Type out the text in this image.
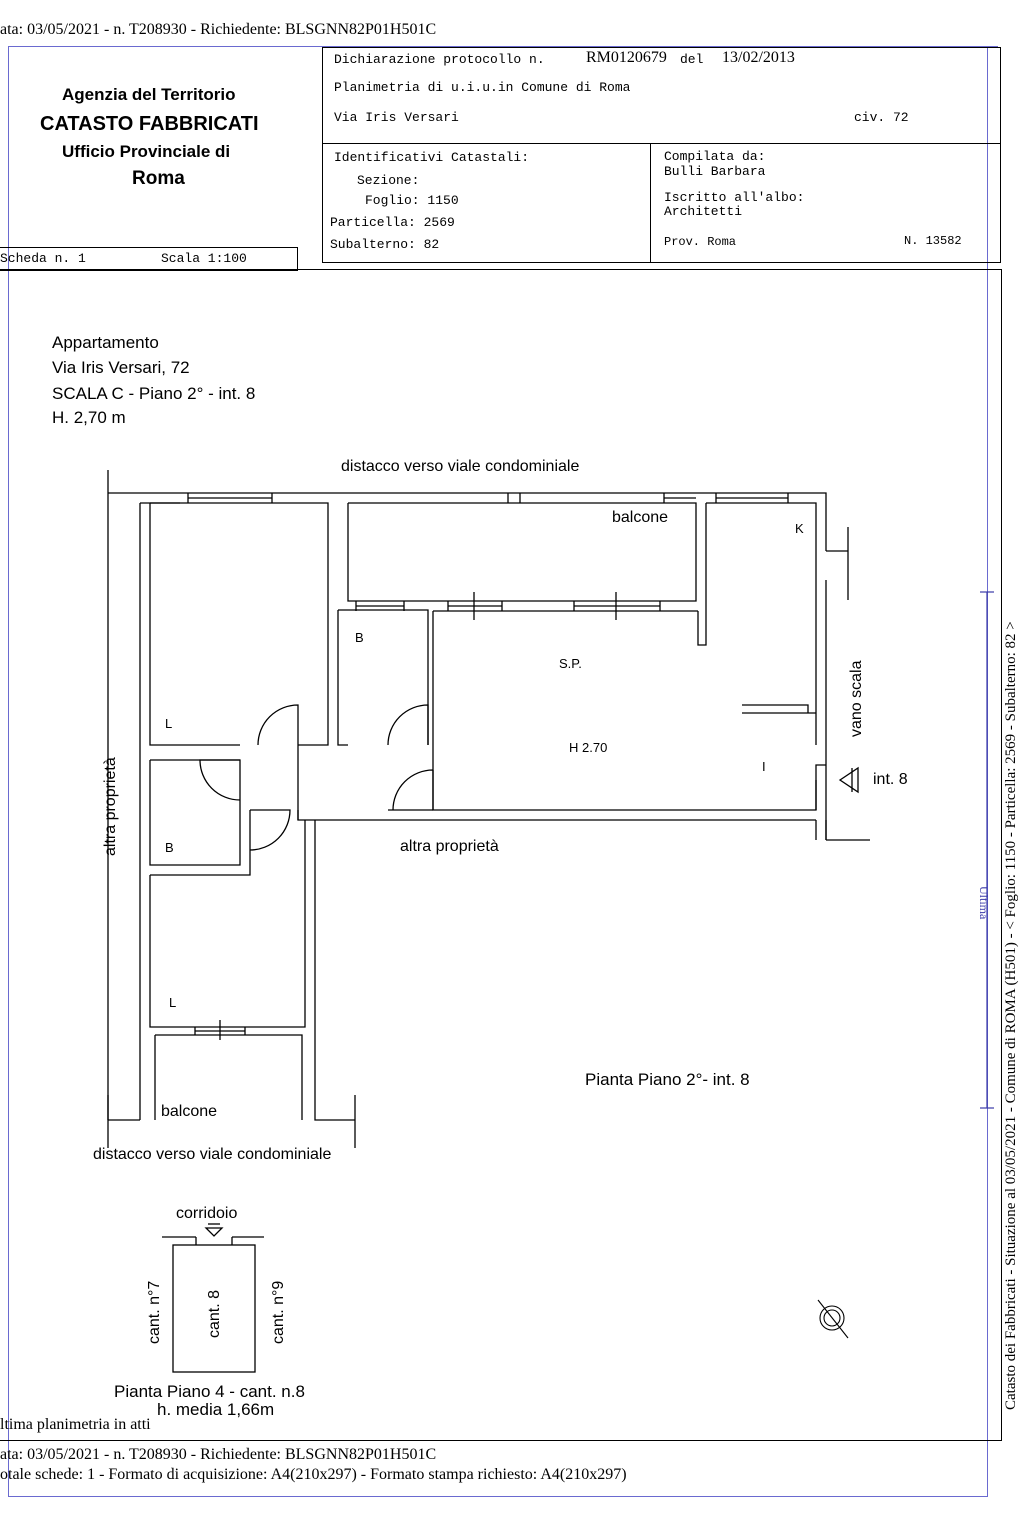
ata: 03/05/2021 - n. T208930 - Richiedente: BLSGNN82P01H501C
Agenzia del Territorio
CATASTO FABBRICATI
Ufficio Provinciale di
Roma
Dichiarazione protocollo n.	RM0120679 del 13/02/2013
Planimetria di u.i.u.in Comune di Roma
Via Iris Versari	civ. 72
Identificativi Catastali:
Sezione:
Foglio: 1150
Particella: 2569
Subalterno: 82
Compilata da:
Bulli Barbara
Iscritto all'albo:
Architetti
Prov. Roma	N. 13582
Scheda n. 1	Scala 1:100
Appartamento
Via Iris Versari, 72
SCALA C - Piano 2° - int. 8
H. 2,70 m
distacco verso viale condominiale
balcone
K
B
S.P.
L
H 2.70
I
int. 8
B	altra proprietà
L
balcone
distacco verso viale condominiale
Pianta Piano 2°- int. 8
altra proprietà
vano scala
corridoio
cant. n°7	cant. 8	cant. n°9
Pianta Piano 4 - cant. n.8
h. media 1,66m	Catasto dei Fabbricati - Situazione al 03/05/2021 - Comune di ROMA (H501) - < Foglio: 1150 - Particella: 2569 - Subalterno: 82 >
Ultima
ltima planimetria in atti
ata: 03/05/2021 - n. T208930 - Richiedente: BLSGNN82P01H501C
otale schede: 1 - Formato di acquisizione: A4(210x297) - Formato stampa richiesto: A4(210x297)
